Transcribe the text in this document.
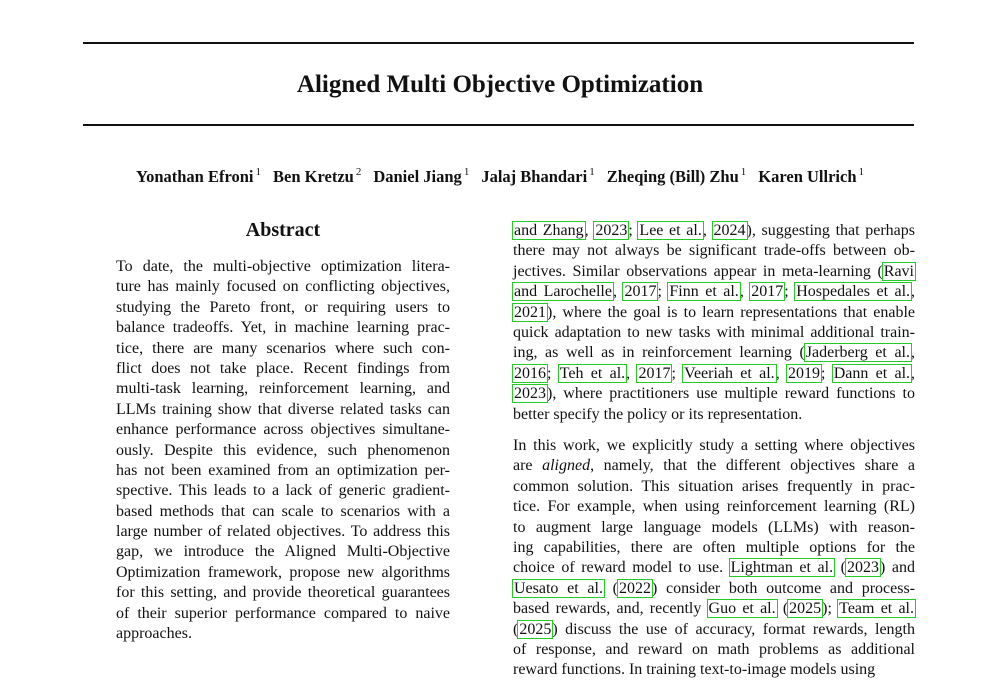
Aligned Multi Objective Optimization
Yonathan Efroni $^1$ Ben Kretzu $^2$ Daniel Jiang $^1$ Jalaj Bhandari $^1$ Zheqing (Bill) Zhu $^1$ Karen Ullrich $^1$
Abstract
To date, the multi-objective optimization litera-
ture has mainly focused on conflicting objectives,
studying the Pareto front, or requiring users to
balance tradeoffs. Yet, in machine learning prac-
tice, there are many scenarios where such con-
flict does not take place. Recent findings from
multi-task learning, reinforcement learning, and
LLMs training show that diverse related tasks can
enhance performance across objectives simultane-
ously. Despite this evidence, such phenomenon
has not been examined from an optimization per-
spective. This leads to a lack of generic gradient-
based methods that can scale to scenarios with a
large number of related objectives. To address this
gap, we introduce the Aligned Multi-Objective
Optimization framework, propose new algorithms
for this setting, and provide theoretical guarantees
of their superior performance compared to naive
approaches.
and Zhang, 2023; Lee et al., 2024), suggesting that perhaps
there may not always be significant trade-offs between ob-
jectives. Similar observations appear in meta-learning (Ravi
and Larochelle, 2017; Finn et al., 2017; Hospedales et al.,
2021), where the goal is to learn representations that enable
quick adaptation to new tasks with minimal additional train-
ing, as well as in reinforcement learning (Jaderberg et al.,
2016; Teh et al., 2017; Veeriah et al., 2019; Dann et al.,
2023), where practitioners use multiple reward functions to
better specify the policy or its representation.
In this work, we explicitly study a setting where objectives
are aligned, namely, that the different objectives share a
common solution. This situation arises frequently in prac-
tice. For example, when using reinforcement learning (RL)
to augment large language models (LLMs) with reason-
ing capabilities, there are often multiple options for the
choice of reward model to use. Lightman et al. (2023) and
Uesato et al. (2022) consider both outcome and process-
based rewards, and, recently Guo et al. (2025); Team et al.
(2025) discuss the use of accuracy, format rewards, length
of response, and reward on math problems as additional
reward functions. In training text-to-image models using
